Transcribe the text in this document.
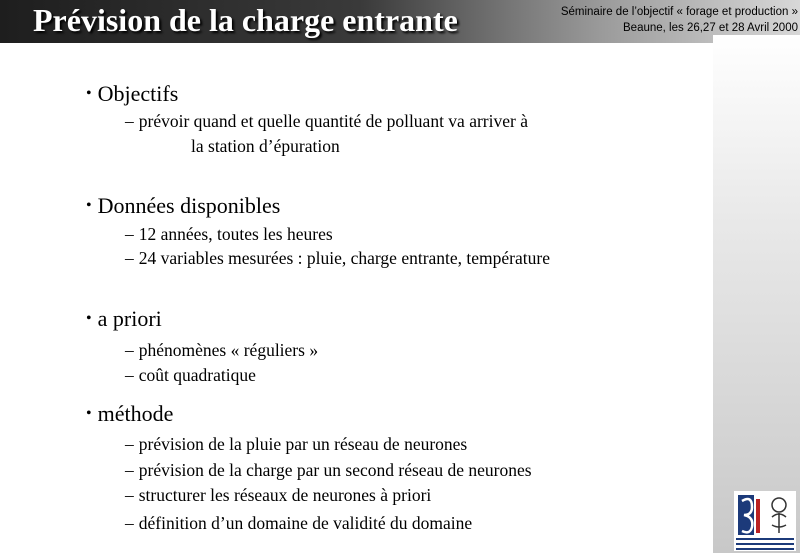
Prévision de la charge entrante	Séminaire de l’objectif « forage et production »
Beaune, les 26,27 et 28 Avril 2000
• Objectifs
– prévoir quand et quelle quantité de polluant va arriver à
la station d’épuration
• Données disponibles
– 12 années, toutes les heures
– 24 variables mesurées : pluie, charge entrante, température
• a priori
– phénomènes « réguliers »
– coût quadratique
• méthode
– prévision de la pluie par un réseau de neurones
– prévision de la charge par un second réseau de neurones
– structurer les réseaux de neurones à priori
– définition d’un domaine de validité du domaine
